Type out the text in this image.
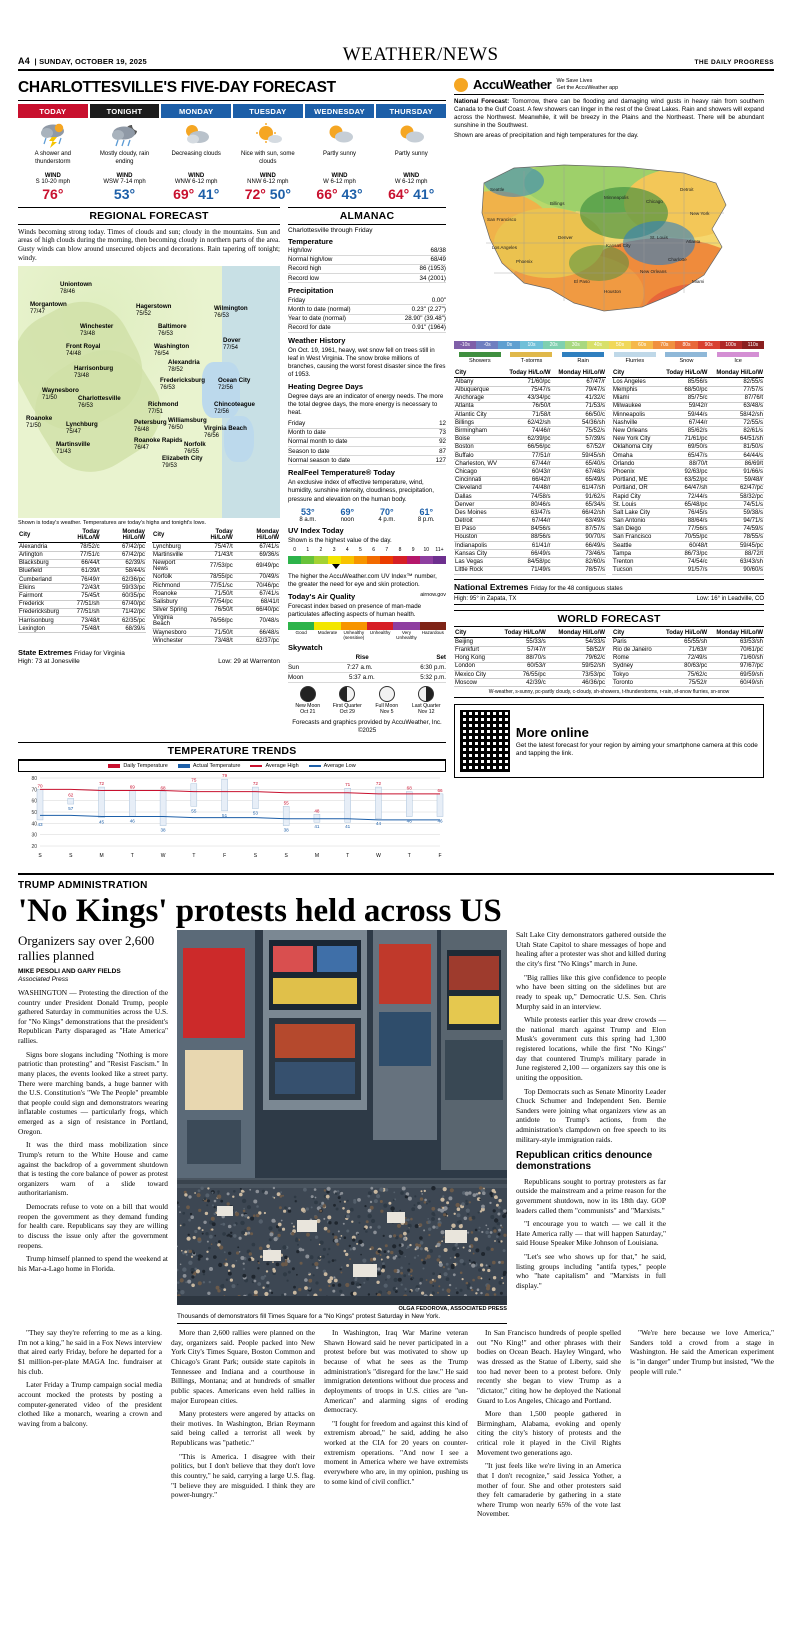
A4  | SUNDAY, OCTOBER 19, 2025	WEATHER/NEWS	THE DAILY PROGRESS
CHARLOTTESVILLE'S FIVE-DAY FORECAST
TODAY
A shower and thunderstorm
WIND
S 10-20 mph
76°
TONIGHT
Mostly cloudy, rain ending
WIND
WSW 7-14 mph
53°
MONDAY
Decreasing clouds
WIND
WNW 6-12 mph
69° 41°
TUESDAY
Nice with sun, some clouds
WIND
NNW 6-12 mph
72° 50°
WEDNESDAY
Partly sunny
WIND
W 6-12 mph
66° 43°
THURSDAY
Partly sunny
WIND
W 6-12 mph
64° 41°
REGIONAL FORECAST
Winds becoming strong today. Times of clouds and sun; cloudy in the mountains. Sun and areas of high clouds during the morning, then becoming cloudy in northern parts of the area. Gusty winds can blow around unsecured objects and decorations. Rain tapering off tonight; windy.
Uniontown
78/46
Morgantown
77/47
Hagerstown
75/52
Wilmington
76/53
Winchester
73/48
Baltimore
76/53
Front Royal
74/48
Washington
76/54
Dover
77/54
Harrisonburg
73/48
Alexandria
78/52
Waynesboro
71/50
Fredericksburg
76/53
Ocean City
72/56
Charlottesville
76/53	Richmond
77/51
Roanoke
71/50	Lynchburg
75/47
Petersburg
76/48
Williamsburg
76/50
Chincoteague
72/56
Martinsville
71/43
Roanoke Rapids
76/47
Virginia Beach
76/56
Norfolk
76/55
Elizabeth City
79/53
Shown is today's weather. Temperatures are today's highs and tonight's lows.
City	Today Hi/Lo/W	Monday Hi/Lo/W
Alexandria	78/52/c	67/42/pc
Arlington	77/51/c	67/42/pc
Blacksburg	66/44/t	62/39/s
Bluefield	61/39/t	58/44/s
Cumberland	76/49/r	62/36/pc
Elkins	72/43/t	59/33/pc
Fairmont	75/45/t	60/35/pc
Frederick	77/51/sh	67/40/pc
Fredericksburg	77/51/sh	71/42/pc
Harrisonburg	73/48/t	62/35/pc
Lexington	75/48/t	68/39/s
City	Today Hi/Lo/W	Monday Hi/Lo/W
Lynchburg	75/47/t	67/41/s
Martinsville	71/43/t	69/36/s
Newport News	77/53/pc	69/49/pc
Norfolk	78/55/pc	70/49/s
Richmond	77/51/sc	70/46/pc
Roanoke	71/50/t	67/41/s
Salisbury	77/54/pc	68/41/t
Silver Spring	76/50/t	66/40/pc
Virginia Beach	76/56/pc	70/48/s
Waynesboro	71/50/t	66/48/s
Winchester	73/48/t	62/37/pc
State Extremes Friday for Virginia
High: 73 at Jonesville	Low: 29 at Warrenton
ALMANAC
Charlottesville through Friday
Temperature
High/low	68/38
Normal high/low	68/49
Record high	86 (1953)
Record low	34 (2001)
Precipitation
Friday	0.00"
Month to date (normal)	0.23" (2.27")
Year to date (normal)	28.90" (39.48")
Record for date	0.91" (1964)
Weather History
On Oct. 19, 1961, heavy, wet snow fell on trees still in leaf in West Virginia. The snow broke millions of branches, causing the worst forest disaster since the fires of 1953.
Heating Degree Days
Degree days are an indicator of energy needs. The more the total degree days, the more energy is necessary to heat.
Friday	12
Month to date	73
Normal month to date	92
Season to date	87
Normal season to date	127
RealFeel Temperature® Today
An exclusive index of effective temperature, wind, humidity, sunshine intensity, cloudiness, precipitation, pressure and elevation on the human body.
53°
8 a.m.
69°
noon
70°
4 p.m.
61°
8 p.m.
UV Index Today
Shown is the highest value of the day.
0	1	2	3	4	5	6	7	8	9	10	11+
The higher the AccuWeather.com UV Index™ number, the greater the need for eye and skin protection.
Today's Air Quality	airnow.gov
Forecast index based on presence of man-made particulates affecting aspects of human health.
Good	Moderate	Unhealthy (sensitive)
Unhealthy	Very Unhealthy
Hazardous
Skywatch
Rise	Set
Sun	7:27 a.m.	6:30 p.m.
Moon	5:37 a.m.	5:32 p.m.
New Moon
Oct 21
First Quarter
Oct 29
Full Moon
Nov 5
Last Quarter
Nov 12
Forecasts and graphics provided by AccuWeather, Inc. ©2025
TEMPERATURE TRENDS
Daily Temperature	Actual Temperature	Average High	Average Low
20
30
40
50
60
70
80
70
43
S
62
57
S
72
45
M
69
46
T
68
38
W
75
55
T
79
51
F
72
53
S
55
38
S
48
41
M
71
41
T
72
44
W
68
46
T
66
46
F
AccuWeather We Save Lives
Get the AccuWeather app
National Forecast: Tomorrow, there can be flooding and damaging wind gusts in heavy rain from southern Canada to the Gulf Coast. A few showers can linger in the rest of the Great Lakes. Rain and showers will expand across the Northwest. Meanwhile, it will be breezy in the Plains and the Northeast. There will be abundant sunshine in the Southwest.
Shown are areas of precipitation and high temperatures for the day.
Seattle
San Francisco
Los Angeles
Phoenix
Billings
Denver
El Paso
Minneapolis
Kansas City
Houston
Chicago
St. Louis
New Orleans
Detroit
New York
Atlanta
Miami
Charlotte
-10s	-0s	0s	10s	20s	30s	40s	50s	60s	70s	80s	90s	100s	110s
Showers	T-storms	Rain	Flurries	Snow	Ice
City	Today Hi/Lo/W	Monday Hi/Lo/W
Albany	71/60/pc	67/47/r
Albuquerque	75/47/s	79/47/s
Anchorage	43/34/pc	41/32/c
Atlanta	76/50/t	71/53/s
Atlantic City	71/58/t	66/50/c
Billings	62/42/sh	54/36/sh
Birmingham	74/46/r	75/52/s
Boise	62/39/pc	57/39/s
Boston	66/56/pc	67/52/r
Buffalo	77/51/r	59/45/sh
Charleston, WV	67/44/r	65/40/s
Chicago	60/43/r	67/48/s
Cincinnati	66/42/r	65/49/s
Cleveland	74/48/r	61/47/sh
Dallas	74/58/s	91/62/s
Denver	80/46/s	65/34/s
Des Moines	63/47/s	66/42/sh
Detroit	67/44/r	63/49/s
El Paso	84/56/s	87/57/s
Houston	88/56/s	90/70/s
Indianapolis	61/41/r	66/49/s
Kansas City	66/49/s	73/46/s
Las Vegas	84/58/pc	82/60/s
Little Rock	71/49/s	78/57/s
City	Today Hi/Lo/W	Monday Hi/Lo/W
Los Angeles	85/56/s	82/55/s
Memphis	68/50/pc	77/57/s
Miami	85/75/c	87/76/t
Milwaukee	59/42/r	63/48/s
Minneapolis	59/44/s	58/42/sh
Nashville	67/44/r	72/55/s
New Orleans	85/62/s	82/61/s
New York City	71/61/pc	64/51/sh
Oklahoma City	69/50/s	81/50/s
Omaha	65/47/s	64/44/s
Orlando	88/70/t	86/69/t
Phoenix	92/63/pc	91/66/s
Portland, ME	63/52/pc	59/48/r
Portland, OR	64/47/sh	62/47/pc
Rapid City	72/44/s	58/32/pc
St. Louis	65/48/pc	74/51/s
Salt Lake City	76/45/s	59/38/s
San Antonio	88/64/s	94/71/s
San Diego	77/56/s	74/59/s
San Francisco	70/55/pc	78/55/s
Seattle	60/48/t	59/45/pc
Tampa	86/73/pc	88/72/t
Trenton	74/54/c	63/43/sh
Tucson	91/57/s	90/60/s
National Extremes Friday for the 48 contiguous states
High: 95° in Zapata, TX	Low: 16° in Leadville, CO
WORLD FORECAST
City	Today Hi/Lo/W	Monday Hi/Lo/W
Beijing	55/33/s	54/33/s
Frankfurt	57/47/r	58/52/r
Hong Kong	88/70/s	79/62/c
London	60/53/r	59/52/sh
Mexico City	76/55/pc	73/53/pc
Moscow	42/39/c	46/36/pc
City	Today Hi/Lo/W	Monday Hi/Lo/W
Paris	65/55/sh	63/53/sh
Rio de Janeiro	71/63/r	70/61/pc
Rome	72/49/s	71/60/sh
Sydney	80/63/pc	97/67/pc
Tokyo	75/62/c	69/59/sh
Toronto	75/52/r	60/49/sh
W-weather, s-sunny, pc-partly cloudy, c-cloudy, sh-showers, t-thunderstorms, r-rain, sf-snow flurries, sn-snow
More online

Get the latest forecast for your region by aiming your smartphone camera at this code and tapping the link.

TRUMP ADMINISTRATION
'No Kings' protests held across US
Organizers say over 2,600 rallies planned
MIKE PESOLI AND GARY FIELDS
Associated Press

WASHINGTON — Protesting the direction of the country under President Donald Trump, people gathered Saturday in communities across the U.S. for "No Kings" demonstrations that the president's Republican Party disparaged as "Hate America" rallies.

Signs bore slogans including "Nothing is more patriotic than protesting" and "Resist Fascism." In many places, the events looked like a street party. There were marching bands, a huge banner with the U.S. Constitution's "We The People" preamble that people could sign and demonstrators wearing inflatable costumes — particularly frogs, which emerged as a sign of resistance in Portland, Oregon.

It was the third mass mobilization since Trump's return to the White House and came against the backdrop of a government shutdown that is testing the core balance of power as protest organizers warn of a slide toward authoritarianism.

Democrats refuse to vote on a bill that would reopen the government as they demand funding for health care. Republicans say they are willing to discuss the issue only after the government reopens.

Trump himself planned to spend the weekend at his Mar-a-Lago home in Florida.

OLGA FEDOROVA, ASSOCIATED PRESS
Thousands of demonstrators fill Times Square for a "No Kings" protest Saturday in New York.

Salt Lake City demonstrators gathered outside the Utah State Capitol to share messages of hope and healing after a protester was shot and killed during the city's first "No Kings" march in June.

"Big rallies like this give confidence to people who have been sitting on the sidelines but are ready to speak up," Democratic U.S. Sen. Chris Murphy said in an interview.

While protests earlier this year drew crowds — the national march against Trump and Elon Musk's government cuts this spring had 1,300 registered locations, while the first "No Kings" day that countered Trump's military parade in June registered 2,100 — organizers say this one is uniting the opposition.

Top Democrats such as Senate Minority Leader Chuck Schumer and Independent Sen. Bernie Sanders were joining what organizers view as an antidote to Trump's actions, from the administration's clampdown on free speech to its military-style immigration raids.

Republican critics denounce demonstrations

Republicans sought to portray protesters as far outside the mainstream and a prime reason for the government shutdown, now in its 18th day. GOP leaders called them "communists" and "Marxists."

"I encourage you to watch — we call it the Hate America rally — that will happen Saturday," said House Speaker Mike Johnson of Louisiana.

"Let's see who shows up for that," he said, listing groups including "antifa types," people who "hate capitalism" and "Marxists in full display."

"They say they're referring to me as a king. I'm not a king," he said in a Fox News interview that aired early Friday, before he departed for a $1 million-per-plate MAGA Inc. fundraiser at his club.

Later Friday a Trump campaign social media account mocked the protests by posting a computer-generated video of the president clothed like a monarch, wearing a crown and waving from a balcony.

More than 2,600 rallies were planned on the day, organizers said. People packed into New York City's Times Square, Boston Common and Chicago's Grant Park; outside state capitols in Tennessee and Indiana and a courthouse in Billings, Montana; and at hundreds of smaller public spaces. Americans even held rallies in major European cities.

Many protesters were angered by attacks on their motives. In Washington, Brian Reymann said being called a terrorist all week by Republicans was "pathetic."

"This is America. I disagree with their politics, but I don't believe that they don't love this country," he said, carrying a large U.S. flag. "I believe they are misguided. I think they are power-hungry."

In Washington, Iraq War Marine veteran Shawn Howard said he never participated in a protest before but was motivated to show up because of what he sees as the Trump administration's "disregard for the law." He said immigration detentions without due process and deployments of troops in U.S. cities are "un-American" and alarming signs of eroding democracy.

"I fought for freedom and against this kind of extremism abroad," he said, adding he also worked at the CIA for 20 years on counter-extremism operations. "And now I see a moment in America where we have extremists everywhere who are, in my opinion, pushing us to some kind of civil conflict."

In San Francisco hundreds of people spelled out "No King!" and other phrases with their bodies on Ocean Beach. Hayley Wingard, who was dressed as the Statue of Liberty, said she too had never been to a protest before. Only recently she began to view Trump as a "dictator," citing how he deployed the National Guard to Los Angeles, Chicago and Portland.

More than 1,500 people gathered in Birmingham, Alabama, evoking and openly citing the city's history of protests and the critical role it played in the Civil Rights Movement two generations ago.

"It just feels like we're living in an America that I don't recognize," said Jessica Yother, a mother of four. She and other protesters said they felt camaraderie by gathering in a state where Trump won nearly 65% of the vote last November.

"We're here because we love America," Sanders told a crowd from a stage in Washington. He said the American experiment is "in danger" under Trump but insisted, "We the people will rule."
